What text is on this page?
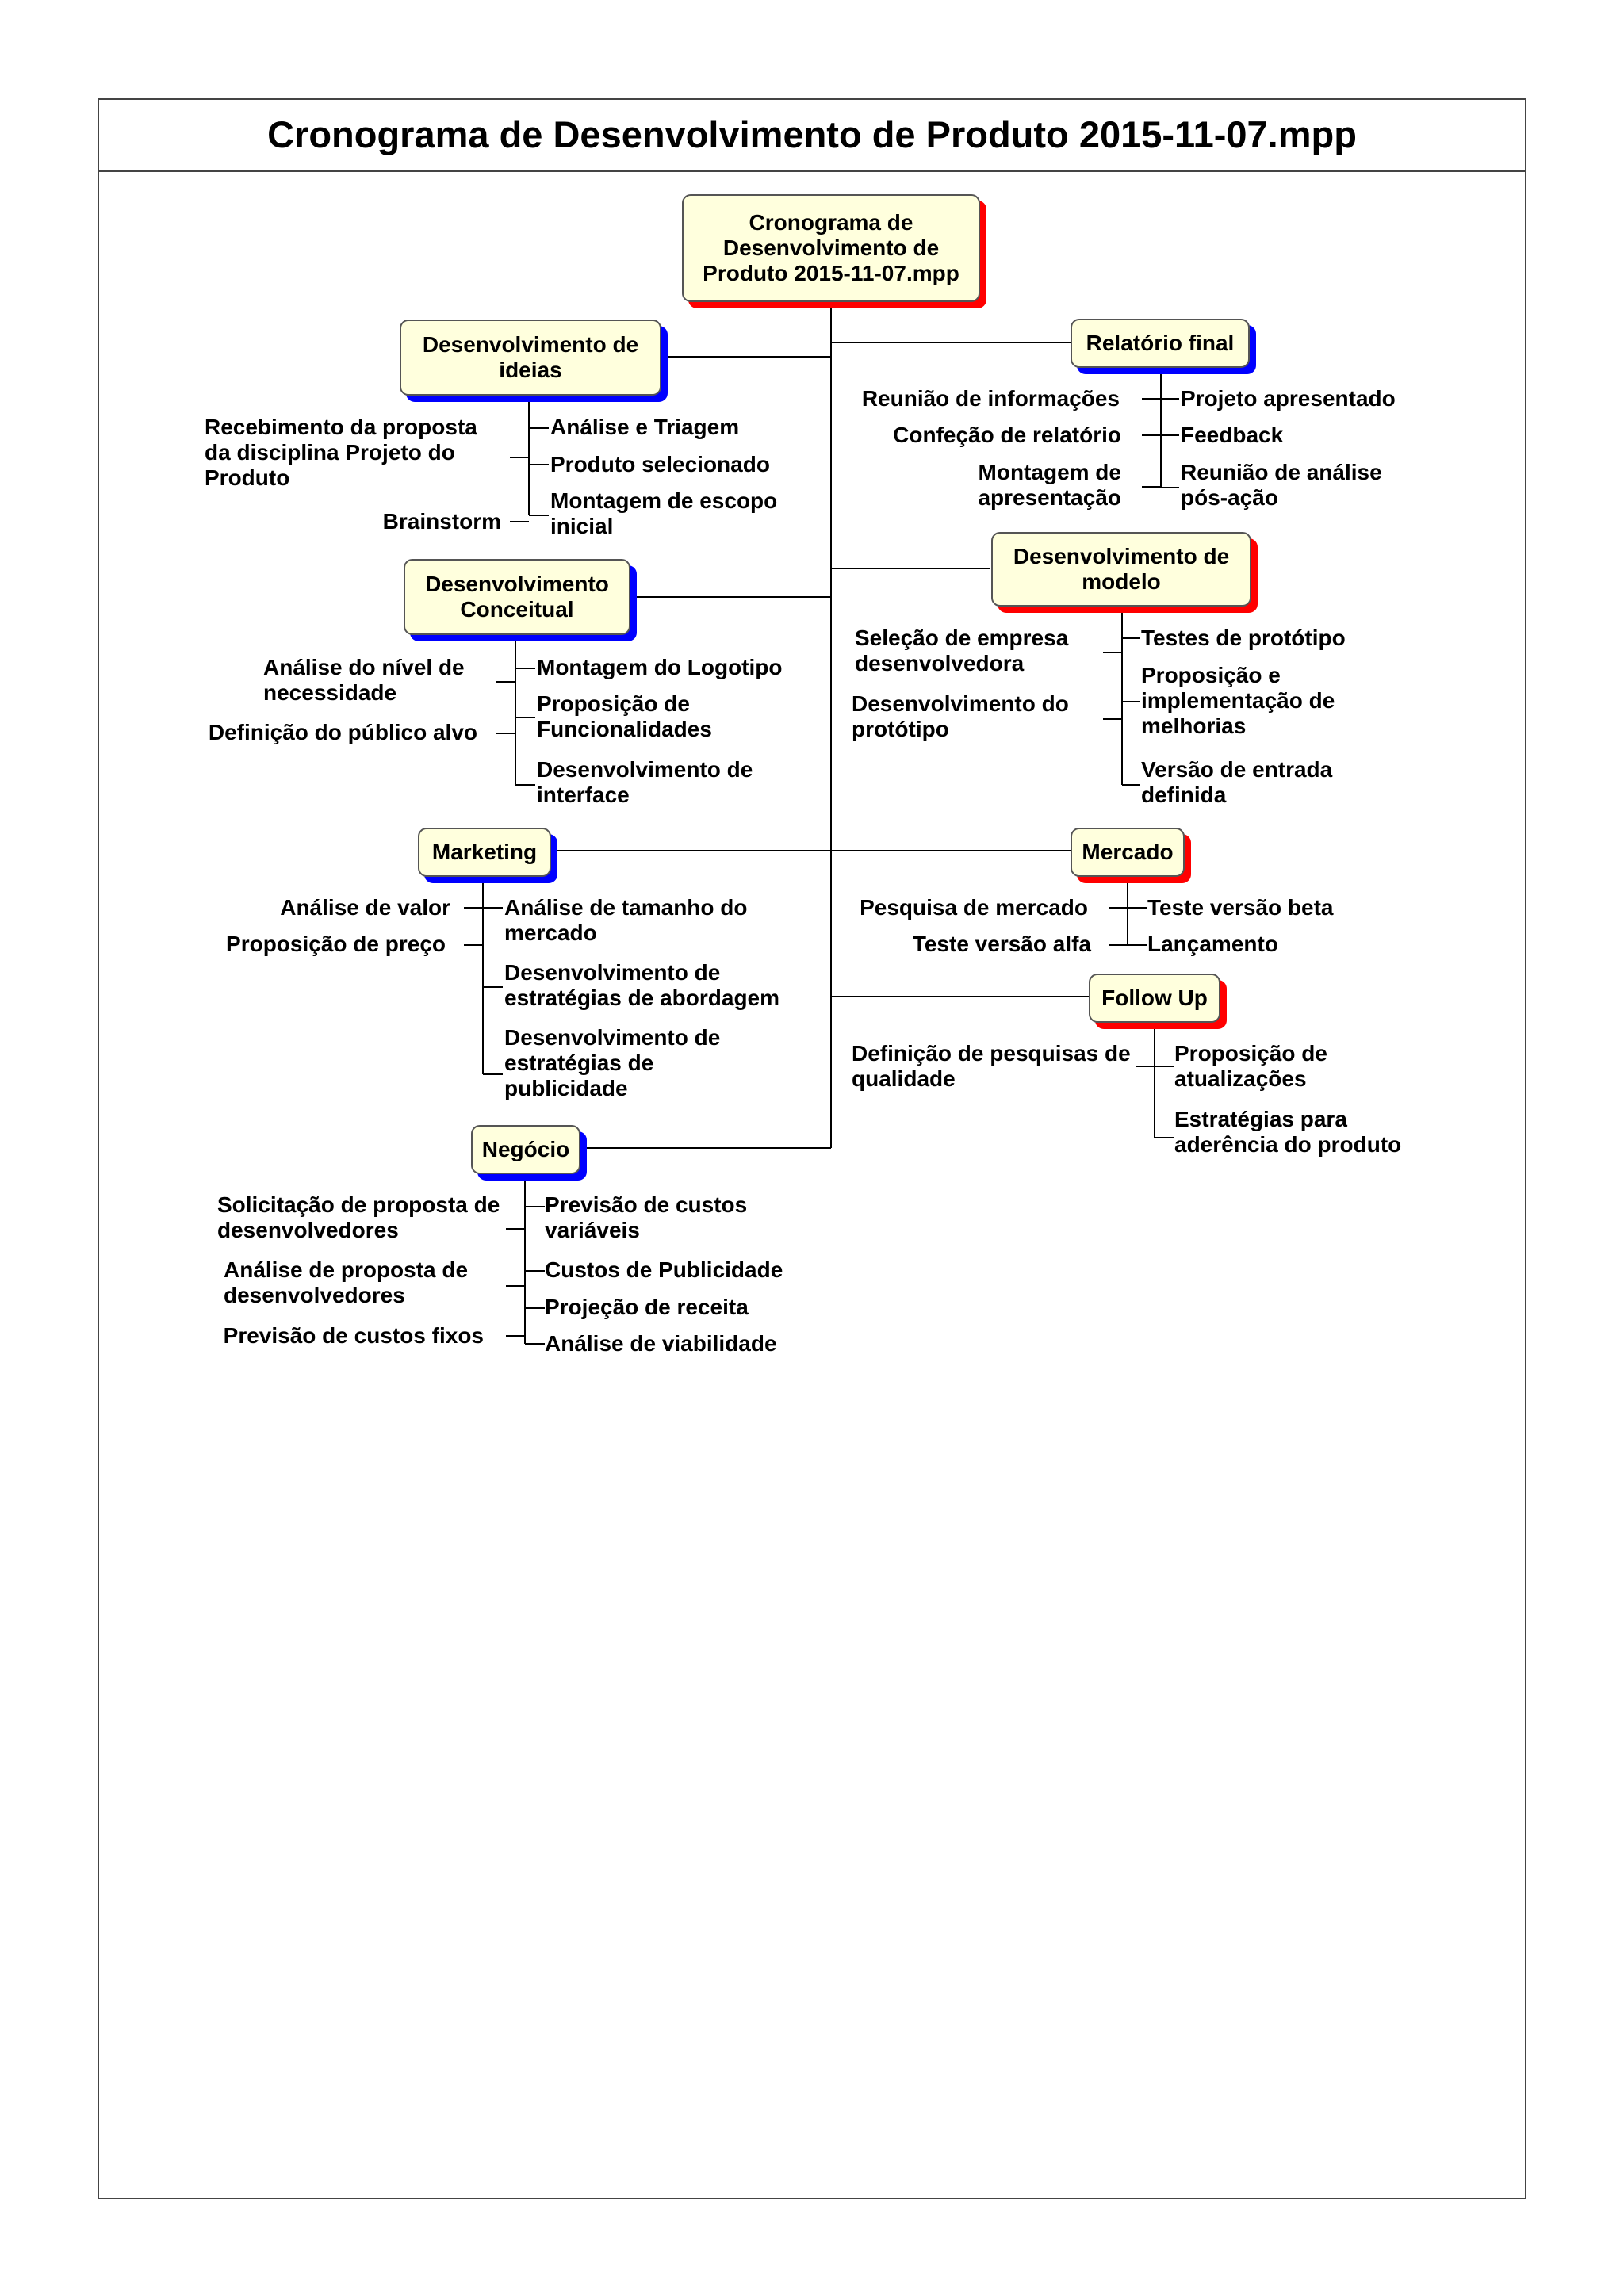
Cronograma de Desenvolvimento de Produto 2015-11-07.mpp
Cronograma de
Desenvolvimento de
Produto 2015-11-07.mpp
Desenvolvimento de
ideias
Desenvolvimento
Conceitual
Marketing
Negócio
Relatório final
Desenvolvimento de
modelo
Mercado
Follow Up

Recebimento da proposta
da disciplina Projeto do
Produto

Brainstorm

Análise e Triagem

Produto selecionado

Montagem de escopo
inicial

Análise do nível de
necessidade

Definição do público alvo

Montagem do Logotipo

Proposição de
Funcionalidades

Desenvolvimento de
interface

Análise de valor

Proposição de preço

Análise de tamanho do
mercado

Desenvolvimento de
estratégias de abordagem

Desenvolvimento de
estratégias de
publicidade

Solicitação de proposta de
desenvolvedores

Análise de proposta de
desenvolvedores

Previsão de custos fixos

Previsão de custos
variáveis

Custos de Publicidade

Projeção de receita

Análise de viabilidade

Reunião de informações

Confeção de relatório

Montagem de
apresentação

Projeto apresentado

Feedback

Reunião de análise
pós-ação

Seleção de empresa
desenvolvedora

Desenvolvimento do
protótipo

Testes de protótipo

Proposição e
implementação de
melhorias

Versão de entrada
definida

Pesquisa de mercado

Teste versão alfa

Teste versão beta

Lançamento

Definição de pesquisas de
qualidade

Proposição de
atualizações

Estratégias para
aderência do produto
